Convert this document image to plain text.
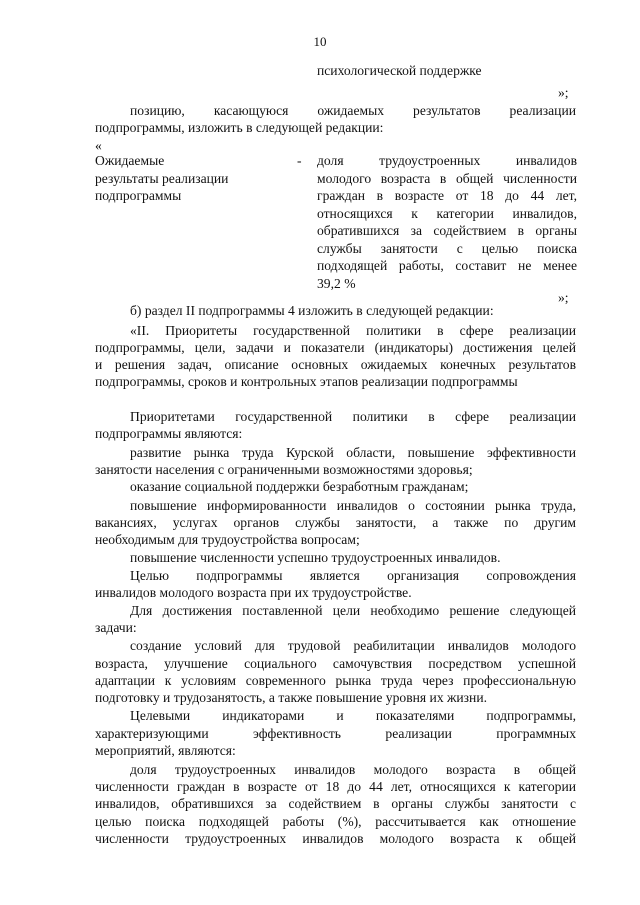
10
психологической поддержке
»;
позицию, касающуюся ожидаемых результатов реализации
подпрограммы, изложить в следующей редакции:
«
Ожидаемые
результаты реализации
подпрограммы
- доля трудоустроенных инвалидов
молодого возраста в общей численности
граждан в возрасте от 18 до 44 лет,
относящихся к категории инвалидов,
обратившихся за содействием в органы
службы занятости с целью поиска
подходящей работы, составит не менее
39,2 %
»;
б) раздел II подпрограммы 4 изложить в следующей редакции:
«II. Приоритеты государственной политики в сфере реализации
подпрограммы, цели, задачи и показатели (индикаторы) достижения целей
и решения задач, описание основных ожидаемых конечных результатов
подпрограммы, сроков и контрольных этапов реализации подпрограммы
Приоритетами государственной политики в сфере реализации
подпрограммы являются:
развитие рынка труда Курской области, повышение эффективности
занятости населения с ограниченными возможностями здоровья;
оказание социальной поддержки безработным гражданам;
повышение информированности инвалидов о состоянии рынка труда,
вакансиях, услугах органов службы занятости, а также по другим
необходимым для трудоустройства вопросам;
повышение численности успешно трудоустроенных инвалидов.
Целью подпрограммы является организация сопровождения
инвалидов молодого возраста при их трудоустройстве.
Для достижения поставленной цели необходимо решение следующей
задачи:
создание условий для трудовой реабилитации инвалидов молодого
возраста, улучшение социального самочувствия посредством успешной
адаптации к условиям современного рынка труда через профессиональную
подготовку и трудозанятость, а также повышение уровня их жизни.
Целевыми индикаторами и показателями подпрограммы,
характеризующими эффективность реализации программных
мероприятий, являются:
доля трудоустроенных инвалидов молодого возраста в общей
численности граждан в возрасте от 18 до 44 лет, относящихся к категории
инвалидов, обратившихся за содействием в органы службы занятости с
целью поиска подходящей работы (%), рассчитывается как отношение
численности трудоустроенных инвалидов молодого возраста к общей
